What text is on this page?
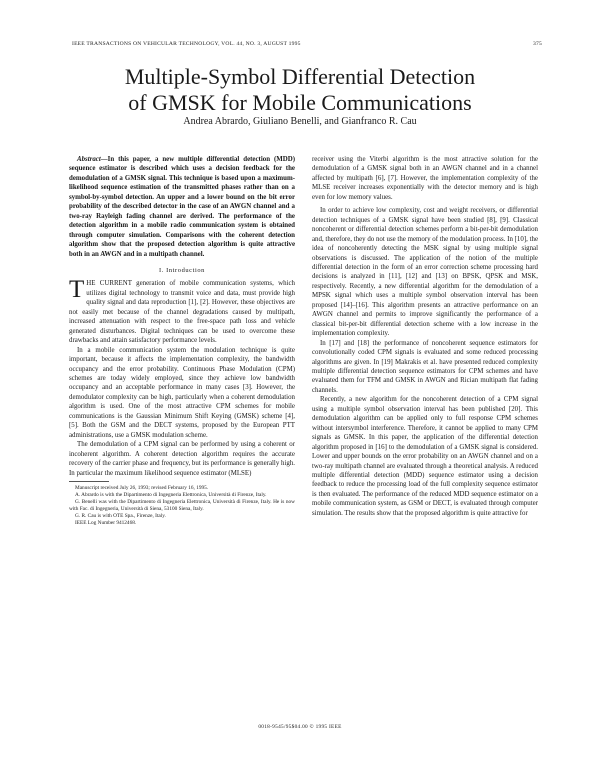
IEEE TRANSACTIONS ON VEHICULAR TECHNOLOGY, VOL. 44, NO. 3, AUGUST 1995	375
Multiple-Symbol Differential Detection
of GMSK for Mobile Communications
Andrea Abrardo, Giuliano Benelli, and Gianfranco R. Cau

Abstract—In this paper, a new multiple differential detection (MDD) sequence estimator is described which uses a decision feedback for the demodulation of a GMSK signal. This technique is based upon a maximum-likelihood sequence estimation of the transmitted phases rather than on a symbol-by-symbol detection. An upper and a lower bound on the bit error probability of the described detector in the case of an AWGN channel and a two-ray Rayleigh fading channel are derived. The performance of the detection algorithm in a mobile radio communication system is obtained through computer simulation. Comparisons with the coherent detection algorithm show that the proposed detection algorithm is quite attractive both in an AWGN and in a multipath channel.

I. Introduction

THE CURRENT generation of mobile communication systems, which utilizes digital technology to transmit voice and data, must provide high quality signal and data reproduction [1], [2]. However, these objectives are not easily met because of the channel degradations caused by multipath, increased attenuation with respect to the free-space path loss and vehicle generated disturbances. Digital techniques can be used to overcome these drawbacks and attain satisfactory performance levels.

In a mobile communication system the modulation technique is quite important, because it affects the implementation complexity, the bandwidth occupancy and the error probability. Continuous Phase Modulation (CPM) schemes are today widely employed, since they achieve low bandwidth occupancy and an acceptable performance in many cases [3]. However, the demodulator complexity can be high, particularly when a coherent demodulation algorithm is used. One of the most attractive CPM schemes for mobile communications is the Gaussian Minimum Shift Keying (GMSK) scheme [4], [5]. Both the GSM and the DECT systems, proposed by the European PTT administrations, use a GMSK modulation scheme.

The demodulation of a CPM signal can be performed by using a coherent or incoherent algorithm. A coherent detection algorithm requires the accurate recovery of the carrier phase and frequency, but its performance is generally high. In particular the maximum likelihood sequence estimator (MLSE)

Manuscript received July 26, 1993; revised February 16, 1995.
A. Abrardo is with the Dipartimento di Ingegneria Elettronica, Università di Firenze, Italy.
G. Benelli was with the Dipartimento di Ingegneria Elettronica, Università di Firenze, Italy. He is now with Fac. di Ingegneria, Università di Siena, 53100 Siena, Italy.
G. R. Cau is with OTE Spa., Firenze, Italy.
IEEE Log Number 9412468.

receiver using the Viterbi algorithm is the most attractive solution for the demodulation of a GMSK signal both in an AWGN channel and in a channel affected by multipath [6], [7]. However, the implementation complexity of the MLSE receiver increases exponentially with the detector memory and is high even for low memory values.

In order to achieve low complexity, cost and weight receivers, or differential detection techniques of a GMSK signal have been studied [8], [9]. Classical noncoherent or differential detection schemes perform a bit-per-bit demodulation and, therefore, they do not use the memory of the modulation process. In [10], the idea of noncoherently detecting the MSK signal by using multiple signal observations is discussed. The application of the notion of the multiple differential detection in the form of an error correction scheme processing hard decisions is analyzed in [11], [12] and [13] on BPSK, QPSK and MSK, respectively. Recently, a new differential algorithm for the demodulation of a MPSK signal which uses a multiple symbol observation interval has been proposed [14]–[16]. This algorithm presents an attractive performance on an AWGN channel and permits to improve significantly the performance of a classical bit-per-bit differential detection scheme with a low increase in the implementation complexity.

In [17] and [18] the performance of noncoherent sequence estimators for convolutionally coded CPM signals is evaluated and some reduced processing algorithms are given. In [19] Makrakis et al. have presented reduced complexity multiple differential detection sequence estimators for CPM schemes and have evaluated them for TFM and GMSK in AWGN and Rician multipath flat fading channels.

Recently, a new algorithm for the noncoherent detection of a CPM signal using a multiple symbol observation interval has been published [20]. This demodulation algorithm can be applied only to full response CPM schemes without intersymbol interference. Therefore, it cannot be applied to many CPM signals as GMSK. In this paper, the application of the differential detection algorithm proposed in [16] to the demodulation of a GMSK signal is considered. Lower and upper bounds on the error probability on an AWGN channel and on a two-ray multipath channel are evaluated through a theoretical analysis. A reduced multiple differential detection (MDD) sequence estimator using a decision feedback to reduce the processing load of the full complexity sequence estimator is then evaluated. The performance of the reduced MDD sequence estimator on a mobile communication system, as GSM or DECT, is evaluated through computer simulation. The results show that the proposed algorithm is quite attractive for

0018-9545/95$04.00 © 1995 IEEE
